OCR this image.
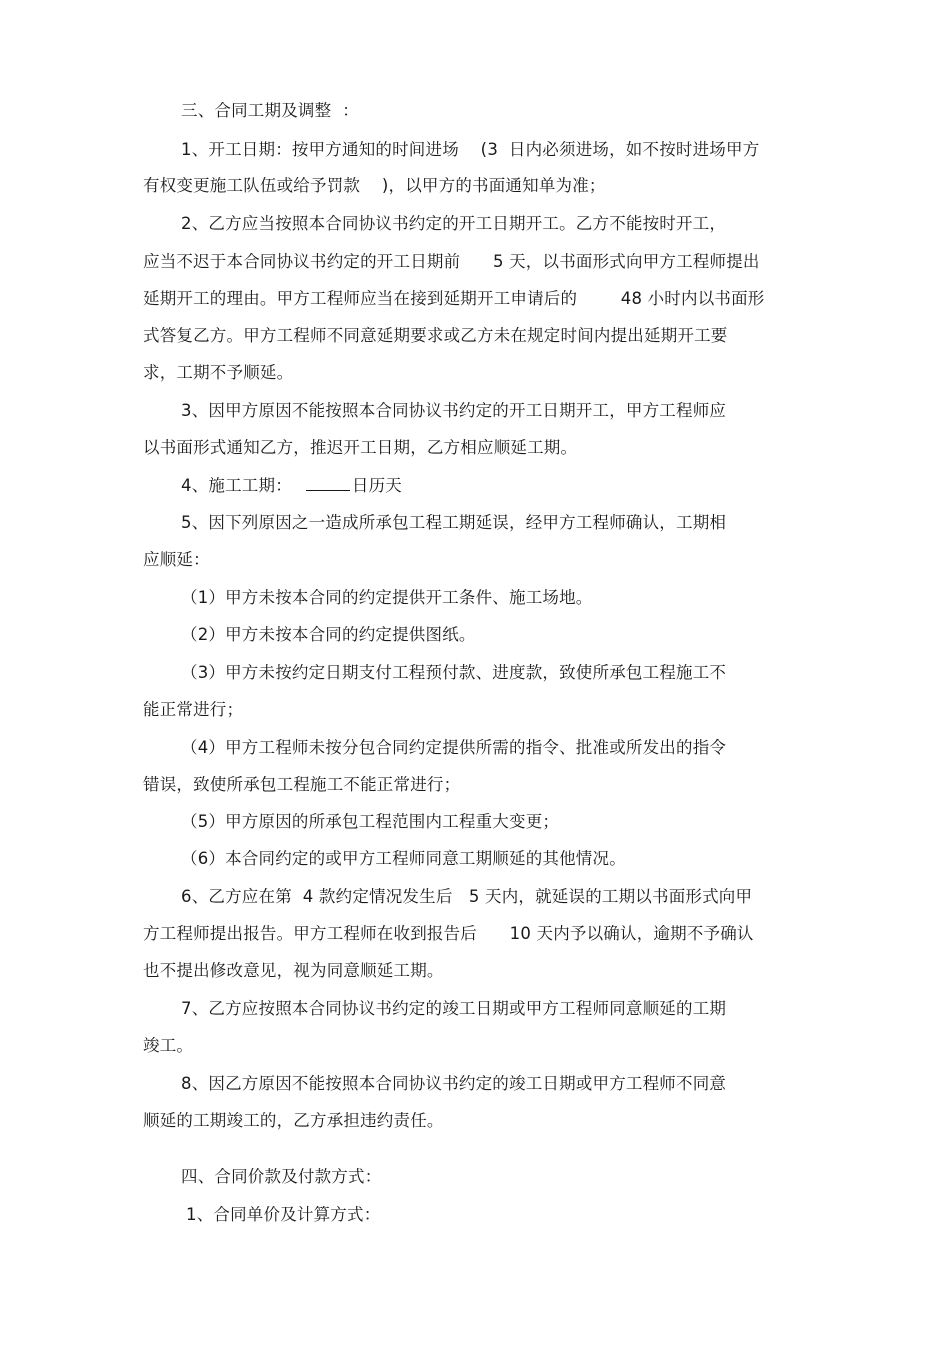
三、合同工期及调整  ：
1、开工日期：按甲方通知的时间进场    (3  日内必须进场，如不按时进场甲方
有权变更施工队伍或给予罚款    )，以甲方的书面通知单为准；
2、乙方应当按照本合同协议书约定的开工日期开工。乙方不能按时开工，
应当不迟于本合同协议书约定的开工日期前      5 天，以书面形式向甲方工程师提出
延期开工的理由。甲方工程师应当在接到延期开工申请后的        48 小时内以书面形
式答复乙方。甲方工程师不同意延期要求或乙方未在规定时间内提出延期开工要
求，工期不予顺延。
3、因甲方原因不能按照本合同协议书约定的开工日期开工，甲方工程师应
以书面形式通知乙方，推迟开工日期，乙方相应顺延工期。
4、施工工期：	日历天
5、因下列原因之一造成所承包工程工期延误，经甲方工程师确认，工期相
应顺延：
（1）甲方未按本合同的约定提供开工条件、施工场地。
（2）甲方未按本合同的约定提供图纸。
（3）甲方未按约定日期支付工程预付款、进度款，致使所承包工程施工不
能正常进行；
（4）甲方工程师未按分包合同约定提供所需的指令、批准或所发出的指令
错误，致使所承包工程施工不能正常进行；
（5）甲方原因的所承包工程范围内工程重大变更；
（6）本合同约定的或甲方工程师同意工期顺延的其他情况。
6、乙方应在第  4 款约定情况发生后   5 天内，就延误的工期以书面形式向甲
方工程师提出报告。甲方工程师在收到报告后      10 天内予以确认，逾期不予确认
也不提出修改意见，视为同意顺延工期。
7、乙方应按照本合同协议书约定的竣工日期或甲方工程师同意顺延的工期
竣工。
8、因乙方原因不能按照本合同协议书约定的竣工日期或甲方工程师不同意
顺延的工期竣工的，乙方承担违约责任。
四、合同价款及付款方式：
1、合同单价及计算方式：
